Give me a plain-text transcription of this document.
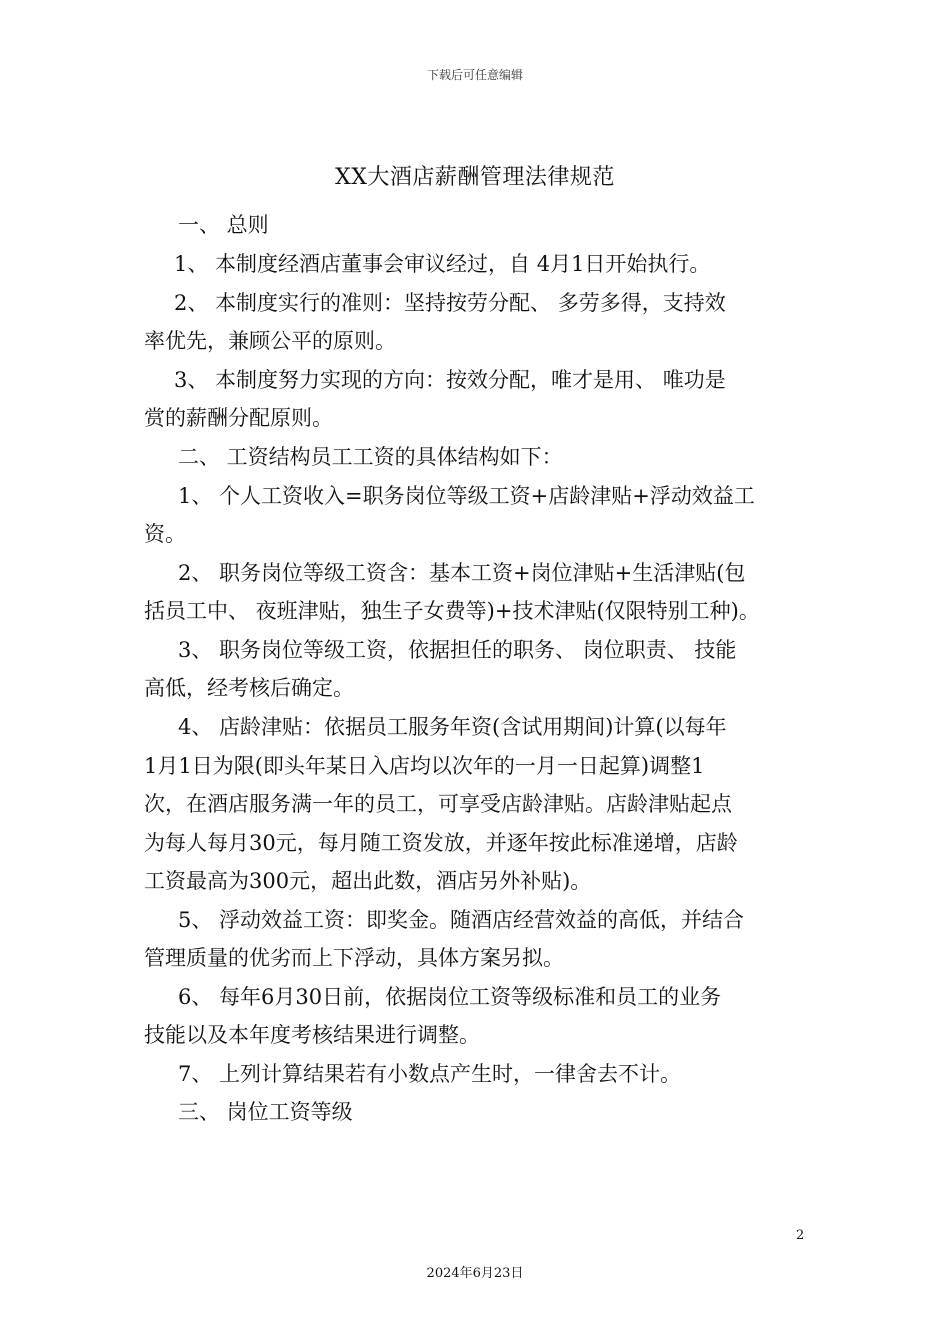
下载后可任意编辑
XX大酒店薪酬管理法律规范
一、 总则
1、 本制度经酒店董事会审议经过，自 4月1日开始执行。
2、 本制度实行的准则：坚持按劳分配、 多劳多得，支持效
率优先，兼顾公平的原则。
3、 本制度努力实现的方向：按效分配，唯才是用、 唯功是
赏的薪酬分配原则。
二、 工资结构员工工资的具体结构如下：
1、 个人工资收入=职务岗位等级工资+店龄津贴+浮动效益工
资。
2、 职务岗位等级工资含：基本工资+岗位津贴+生活津贴(包
括员工中、 夜班津贴，独生子女费等)+技术津贴(仅限特别工种)。
3、 职务岗位等级工资，依据担任的职务、 岗位职责、 技能
高低，经考核后确定。
4、 店龄津贴：依据员工服务年资(含试用期间)计算(以每年
1月1日为限(即头年某日入店均以次年的一月一日起算)调整1
次，在酒店服务满一年的员工，可享受店龄津贴。店龄津贴起点
为每人每月30元，每月随工资发放，并逐年按此标准递增，店龄
工资最高为300元，超出此数，酒店另外补贴)。
5、 浮动效益工资：即奖金。随酒店经营效益的高低，并结合
管理质量的优劣而上下浮动，具体方案另拟。
6、 每年6月30日前，依据岗位工资等级标准和员工的业务
技能以及本年度考核结果进行调整。
7、 上列计算结果若有小数点产生时，一律舍去不计。
三、 岗位工资等级
2
2024年6月23日
